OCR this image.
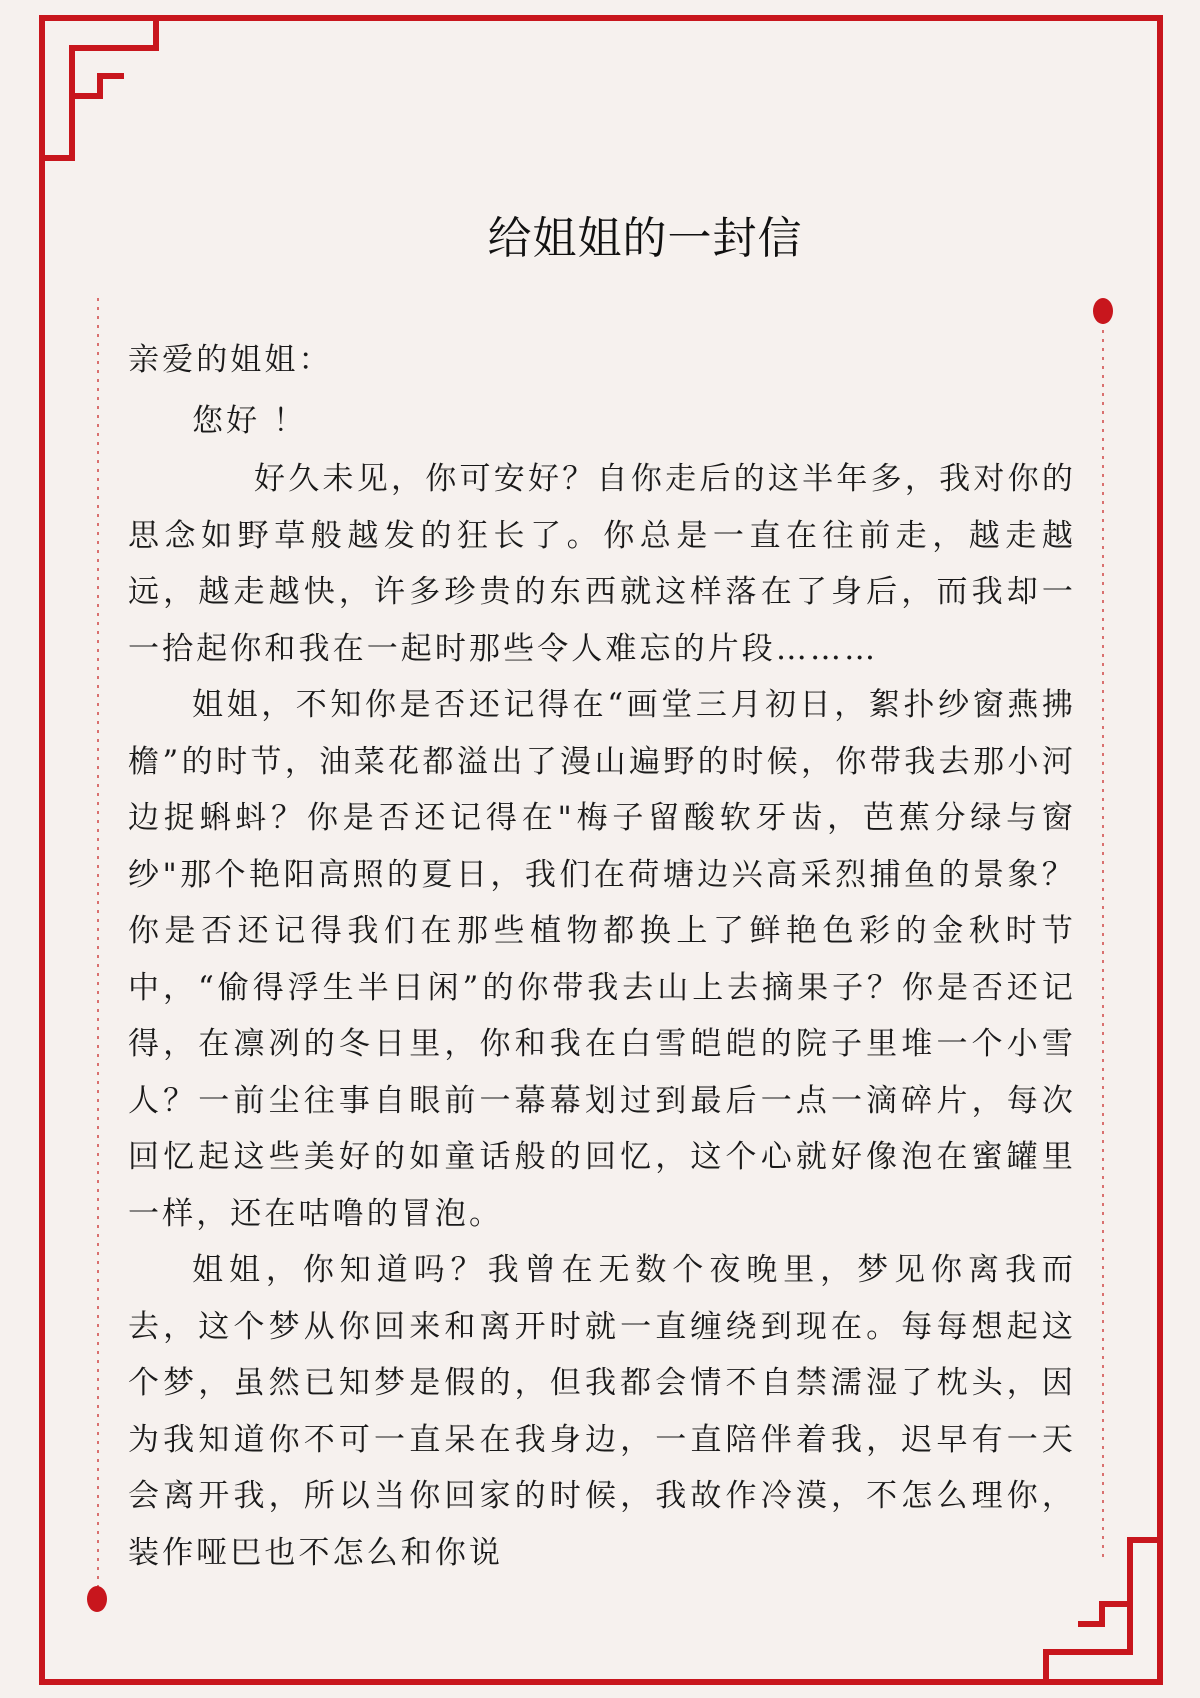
给姐姐的一封信

亲爱的姐姐：

您好 ！

好久未见，你可安好？自你走后的这半年多，我对你的思念如野草般越发的狂长了。你总是一直在往前走，越走越远，越走越快，许多珍贵的东西就这样落在了身后，而我却一一拾起你和我在一起时那些令人难忘的片段………

姐姐，不知你是否还记得在“画堂三月初日，絮扑纱窗燕拂檐”的时节，油菜花都溢出了漫山遍野的时候，你带我去那小河边捉蝌蚪？你是否还记得在"梅子留酸软牙齿，芭蕉分绿与窗纱"那个艳阳高照的夏日，我们在荷塘边兴高采烈捕鱼的景象？你是否还记得我们在那些植物都换上了鲜艳色彩的金秋时节中，“偷得浮生半日闲”的你带我去山上去摘果子？你是否还记得，在凛冽的冬日里，你和我在白雪皑皑的院子里堆一个小雪人？一前尘往事自眼前一幕幕划过到最后一点一滴碎片，每次回忆起这些美好的如童话般的回忆，这个心就好像泡在蜜罐里一样，还在咕噜的冒泡。

姐姐，你知道吗？我曾在无数个夜晚里，梦见你离我而去，这个梦从你回来和离开时就一直缠绕到现在。每每想起这个梦，虽然已知梦是假的，但我都会情不自禁濡湿了枕头，因为我知道你不可一直呆在我身边，一直陪伴着我，迟早有一天会离开我，所以当你回家的时候，我故作冷漠，不怎么理你，装作哑巴也不怎么和你说
